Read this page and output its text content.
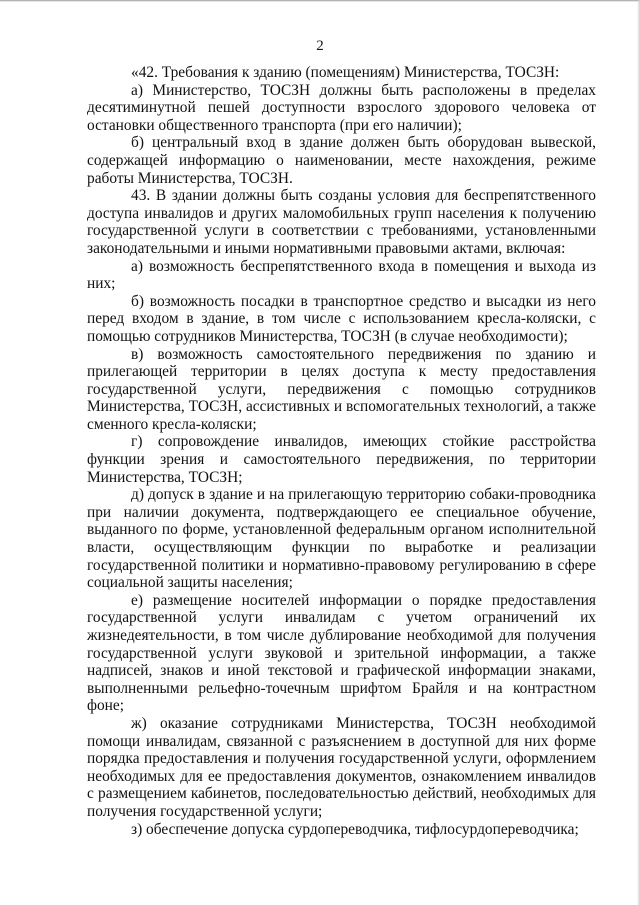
2

«42. Требования к зданию (помещениям) Министерства, ТОСЗН:

а) Министерство, ТОСЗН должны быть расположены в пределах десятиминутной пешей доступности взрослого здорового человека от остановки общественного транспорта (при его наличии);

б) центральный вход в здание должен быть оборудован вывеской, содержащей информацию о наименовании, месте нахождения, режиме работы Министерства, ТОСЗН.

43. В здании должны быть созданы условия для беспрепятственного доступа инвалидов и других маломобильных групп населения к получению государственной услуги в соответствии с требованиями, установленными законодательными и иными нормативными правовыми актами, включая:

а) возможность беспрепятственного входа в помещения и выхода из них;

б) возможность посадки в транспортное средство и высадки из него перед входом в здание, в том числе с использованием кресла-коляски, с помощью сотрудников Министерства, ТОСЗН (в случае необходимости);

в) возможность самостоятельного передвижения по зданию и прилегающей территории в целях доступа к месту предоставления государственной услуги, передвижения с помощью сотрудников Министерства, ТОСЗН, ассистивных и вспомогательных технологий, а также сменного кресла-коляски;

г) сопровождение инвалидов, имеющих стойкие расстройства функции зрения и самостоятельного передвижения, по территории Министерства, ТОСЗН;

д) допуск в здание и на прилегающую территорию собаки-проводника при наличии документа, подтверждающего ее специальное обучение, выданного по форме, установленной федеральным органом исполнительной власти, осуществляющим функции по выработке и реализации государственной политики и нормативно-правовому регулированию в сфере социальной защиты населения;

е) размещение носителей информации о порядке предоставления государственной услуги инвалидам с учетом ограничений их жизнедеятельности, в том числе дублирование необходимой для получения государственной услуги звуковой и зрительной информации, а также надписей, знаков и иной текстовой и графической информации знаками, выполненными рельефно-точечным шрифтом Брайля и на контрастном фоне;

ж) оказание сотрудниками Министерства, ТОСЗН необходимой помощи инвалидам, связанной с разъяснением в доступной для них форме порядка предоставления и получения государственной услуги, оформлением необходимых для ее предоставления документов, ознакомлением инвалидов с размещением кабинетов, последовательностью действий, необходимых для получения государственной услуги;

з) обеспечение допуска сурдопереводчика, тифлосурдопереводчика;
